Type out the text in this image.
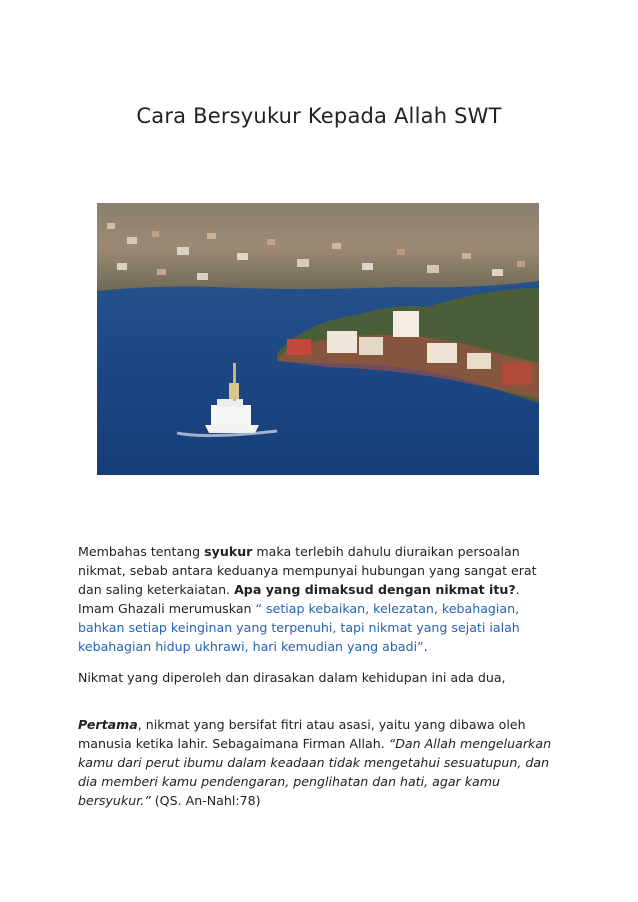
Cara Bersyukur Kepada Allah SWT

Membahas tentang syukur maka terlebih dahulu diuraikan persoalan nikmat, sebab antara keduanya mempunyai hubungan yang sangat erat dan saling keterkaiatan. Apa yang dimaksud dengan nikmat itu?. Imam Ghazali merumuskan “ setiap kebaikan, kelezatan, kebahagian, bahkan setiap keinginan yang terpenuhi, tapi nikmat yang sejati ialah kebahagian hidup ukhrawi, hari kemudian yang abadi”.

Nikmat yang diperoleh dan dirasakan dalam kehidupan ini ada dua,

Pertama, nikmat yang bersifat fitri atau asasi, yaitu yang dibawa oleh manusia ketika lahir. Sebagaimana Firman Allah. “Dan Allah mengeluarkan kamu dari perut ibumu dalam keadaan tidak mengetahui sesuatupun, dan dia memberi kamu pendengaran, penglihatan dan hati, agar kamu bersyukur.” (QS. An-Nahl:78)
